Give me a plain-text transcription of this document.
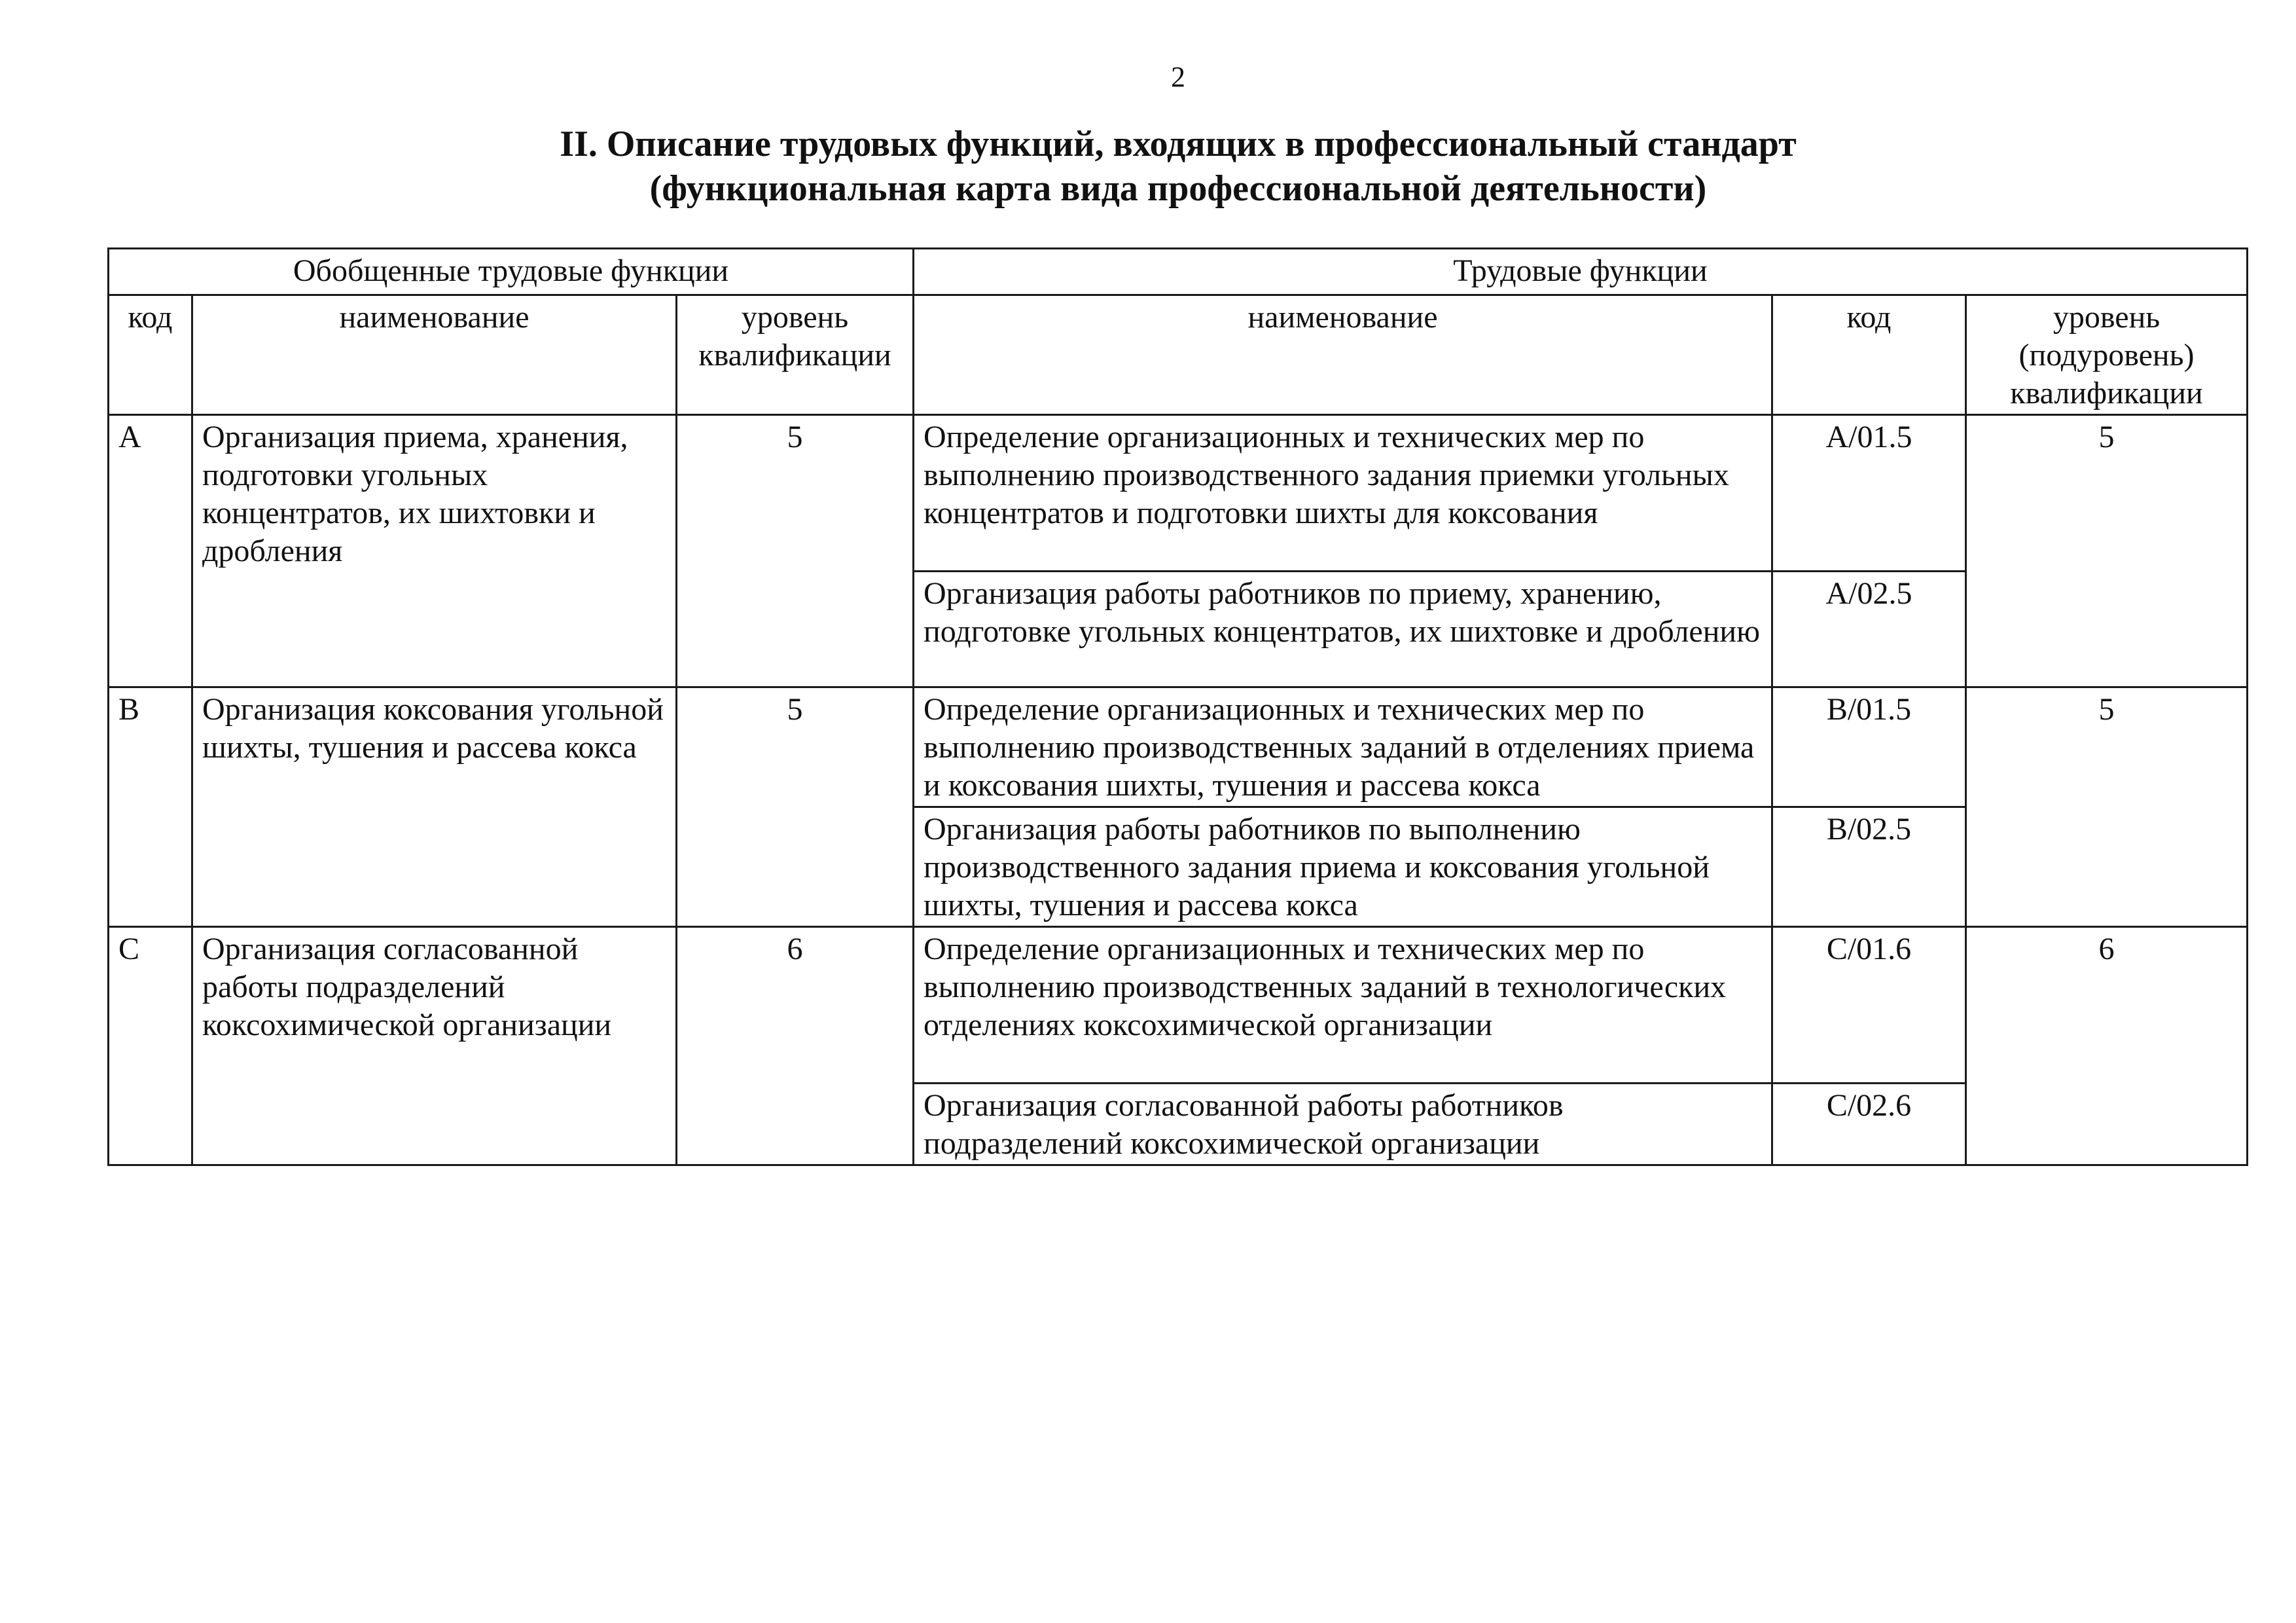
2
II. Описание трудовых функций, входящих в профессиональный стандарт
(функциональная карта вида профессиональной деятельности)
Обобщенные трудовые функции			Трудовые функции		
код	наименование	уровень квалификации	наименование	код	уровень (подуровень) квалификации
A	Организация приема, хранения, подготовки угольных концентратов, их шихтовки и дробления	5	Определение организационных и технических мер по выполнению производственного задания приемки угольных концентратов и подготовки шихты для коксования	A/01.5	5
			Организация работы работников по приему, хранению, подготовке угольных концентратов, их шихтовке и дроблению	A/02.5	
B	Организация коксования угольной шихты, тушения и рассева кокса	5	Определение организационных и технических мер по выполнению производственных заданий в отделениях приема и коксования шихты, тушения и рассева кокса	B/01.5	5
			Организация работы работников по выполнению производственного задания приема и коксования угольной шихты, тушения и рассева кокса	B/02.5	
C	Организация согласованной работы подразделений коксохимической организации	6	Определение организационных и технических мер по выполнению производственных заданий в технологических отделениях коксохимической организации	C/01.6	6
			Организация согласованной работы работников подразделений коксохимической организации	C/02.6	
